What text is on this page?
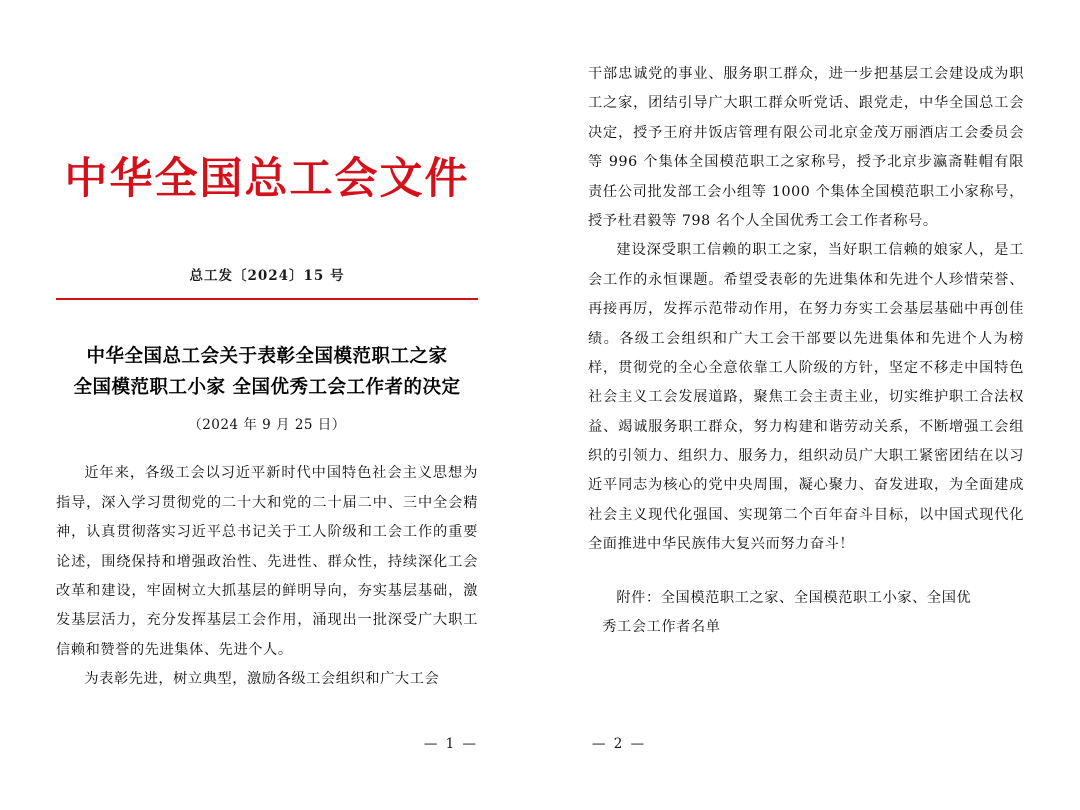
中华全国总工会文件
总工发〔2024〕15 号
中华全国总工会关于表彰全国模范职工之家
全国模范职工小家 全国优秀工会工作者的决定
（2024 年 9 月 25 日）

近年来，各级工会以习近平新时代中国特色社会主义思想为指导，深入学习贯彻党的二十大和党的二十届二中、三中全会精神，认真贯彻落实习近平总书记关于工人阶级和工会工作的重要论述，围绕保持和增强政治性、先进性、群众性，持续深化工会改革和建设，牢固树立大抓基层的鲜明导向，夯实基层基础，激发基层活力，充分发挥基层工会作用，涌现出一批深受广大职工信赖和赞誉的先进集体、先进个人。

为表彰先进，树立典型，激励各级工会组织和广大工会

— 1 —

干部忠诚党的事业、服务职工群众，进一步把基层工会建设成为职工之家，团结引导广大职工群众听党话、跟党走，中华全国总工会决定，授予王府井饭店管理有限公司北京金茂万丽酒店工会委员会等 996 个集体全国模范职工之家称号，授予北京步瀛斋鞋帽有限责任公司批发部工会小组等 1000 个集体全国模范职工小家称号，授予杜君毅等 798 名个人全国优秀工会工作者称号。

建设深受职工信赖的职工之家，当好职工信赖的娘家人，是工会工作的永恒课题。希望受表彰的先进集体和先进个人珍惜荣誉、再接再厉，发挥示范带动作用，在努力夯实工会基层基础中再创佳绩。各级工会组织和广大工会干部要以先进集体和先进个人为榜样，贯彻党的全心全意依靠工人阶级的方针，坚定不移走中国特色社会主义工会发展道路，聚焦工会主责主业，切实维护职工合法权益、竭诚服务职工群众，努力构建和谐劳动关系，不断增强工会组织的引领力、组织力、服务力，组织动员广大职工紧密团结在以习近平同志为核心的党中央周围，凝心聚力、奋发进取，为全面建成社会主义现代化强国、实现第二个百年奋斗目标，以中国式现代化全面推进中华民族伟大复兴而努力奋斗！

附件：全国模范职工之家、全国模范职工小家、全国优

秀工会工作者名单

— 2 —
